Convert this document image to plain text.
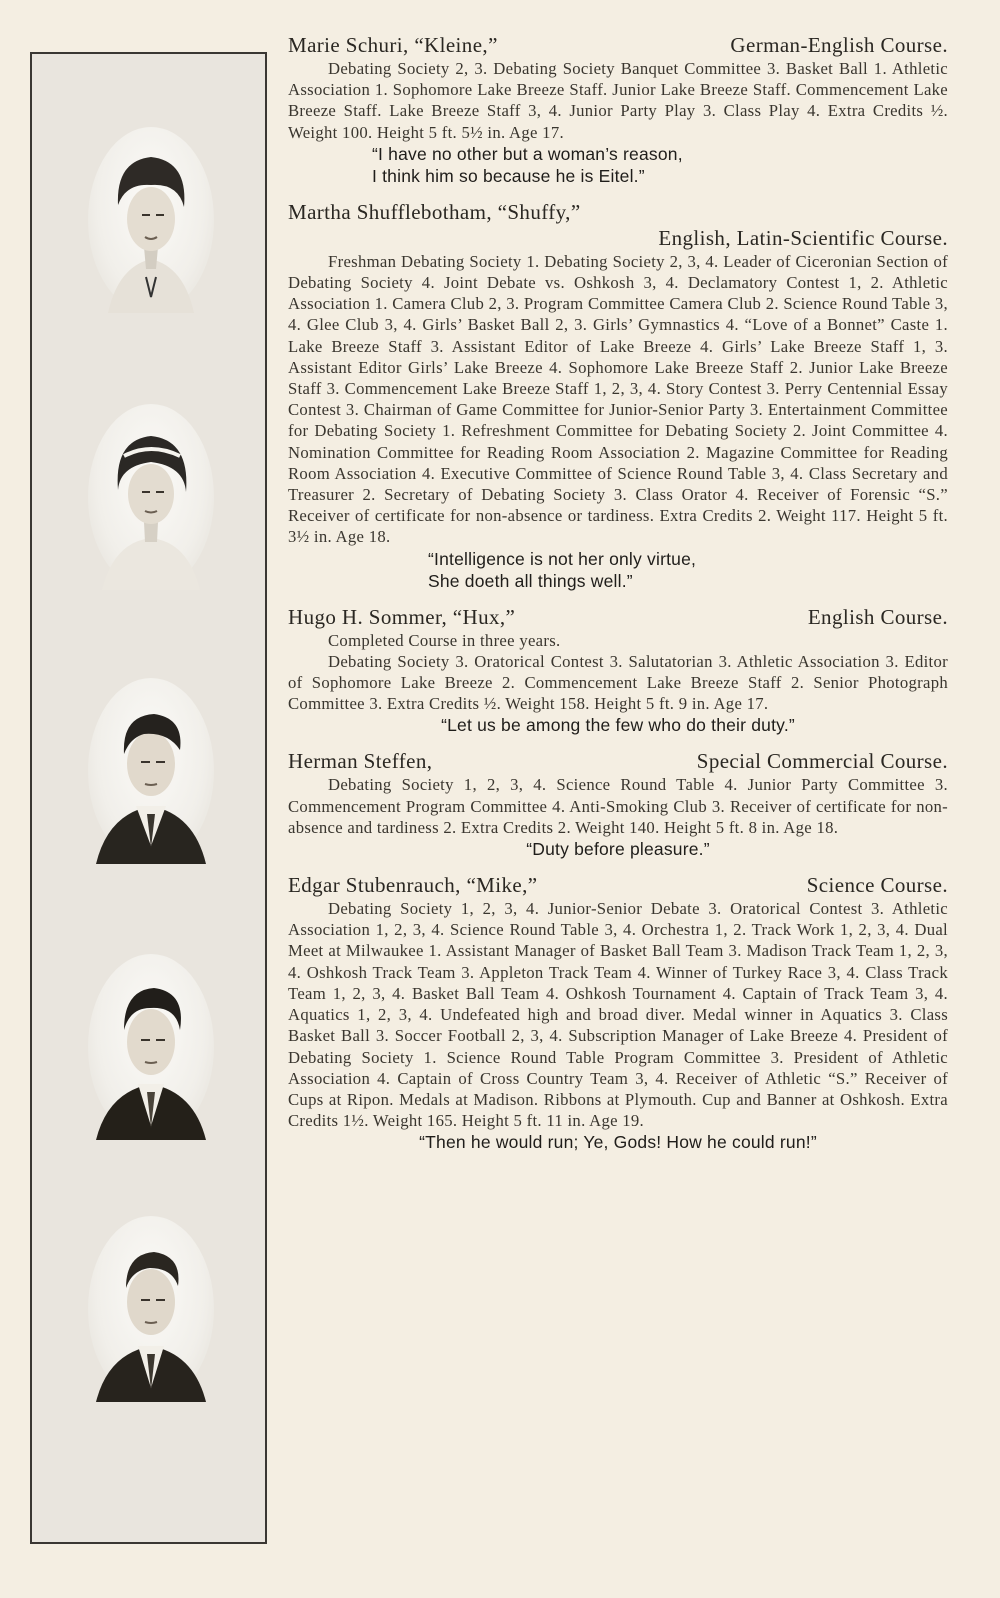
Marie Schuri, “Kleine,”	German-English Course.
Debating Society 2, 3. Debating Society Banquet Committee 3. Basket Ball 1. Athletic Association 1. Sophomore Lake Breeze Staff. Junior Lake Breeze Staff. Commencement Lake Breeze Staff. Lake Breeze Staff 3, 4. Junior Party Play 3. Class Play 4. Extra Credits ½. Weight 100. Height 5 ft. 5½ in. Age 17.
“I have no other but a woman’s reason,
I think him so because he is Eitel.”
Martha Shufflebotham, “Shuffy,”
English, Latin-Scientific Course.
Freshman Debating Society 1. Debating Society 2, 3, 4. Leader of Ciceronian Section of Debating Society 4. Joint Debate vs. Oshkosh 3, 4. Declamatory Contest 1, 2. Athletic Association 1. Camera Club 2, 3. Program Committee Camera Club 2. Science Round Table 3, 4. Glee Club 3, 4. Girls’ Basket Ball 2, 3. Girls’ Gymnastics 4. “Love of a Bonnet” Caste 1. Lake Breeze Staff 3. Assistant Editor of Lake Breeze 4. Girls’ Lake Breeze Staff 1, 3. Assistant Editor Girls’ Lake Breeze 4. Sophomore Lake Breeze Staff 2. Junior Lake Breeze Staff 3. Commencement Lake Breeze Staff 1, 2, 3, 4. Story Contest 3. Perry Centennial Essay Contest 3. Chairman of Game Committee for Junior-Senior Party 3. Entertainment Committee for Debating Society 1. Refreshment Committee for Debating Society 2. Joint Committee 4. Nomination Committee for Reading Room Association 2. Magazine Committee for Reading Room Association 4. Executive Committee of Science Round Table 3, 4. Class Secretary and Treasurer 2. Secretary of Debating Society 3. Class Orator 4. Receiver of Forensic “S.” Receiver of certificate for non-absence or tardiness. Extra Credits 2. Weight 117. Height 5 ft. 3½ in. Age 18.
“Intelligence is not her only virtue,
She doeth all things well.”
Hugo H. Sommer, “Hux,”	English Course.
Completed Course in three years.
Debating Society 3. Oratorical Contest 3. Salutatorian 3. Athletic Association 3. Editor of Sophomore Lake Breeze 2. Commencement Lake Breeze Staff 2. Senior Photograph Committee 3. Extra Credits ½. Weight 158. Height 5 ft. 9 in. Age 17.
“Let us be among the few who do their duty.”
Herman Steffen,	Special Commercial Course.
Debating Society 1, 2, 3, 4. Science Round Table 4. Junior Party Committee 3. Commencement Program Committee 4. Anti-Smoking Club 3. Receiver of certificate for non-absence and tardiness 2. Extra Credits 2. Weight 140. Height 5 ft. 8 in. Age 18.
“Duty before pleasure.”
Edgar Stubenrauch, “Mike,”	Science Course.
Debating Society 1, 2, 3, 4. Junior-Senior Debate 3. Oratorical Contest 3. Athletic Association 1, 2, 3, 4. Science Round Table 3, 4. Orchestra 1, 2. Track Work 1, 2, 3, 4. Dual Meet at Milwaukee 1. Assistant Manager of Basket Ball Team 3. Madison Track Team 1, 2, 3, 4. Oshkosh Track Team 3. Appleton Track Team 4. Winner of Turkey Race 3, 4. Class Track Team 1, 2, 3, 4. Basket Ball Team 4. Oshkosh Tournament 4. Captain of Track Team 3, 4. Aquatics 1, 2, 3, 4. Undefeated high and broad diver. Medal winner in Aquatics 3. Class Basket Ball 3. Soccer Football 2, 3, 4. Subscription Manager of Lake Breeze 4. President of Debating Society 1. Science Round Table Program Committee 3. President of Athletic Association 4. Captain of Cross Country Team 3, 4. Receiver of Athletic “S.” Receiver of Cups at Ripon. Medals at Madison. Ribbons at Plymouth. Cup and Banner at Oshkosh. Extra Credits 1½. Weight 165. Height 5 ft. 11 in. Age 19.
“Then he would run; Ye, Gods! How he could run!”
